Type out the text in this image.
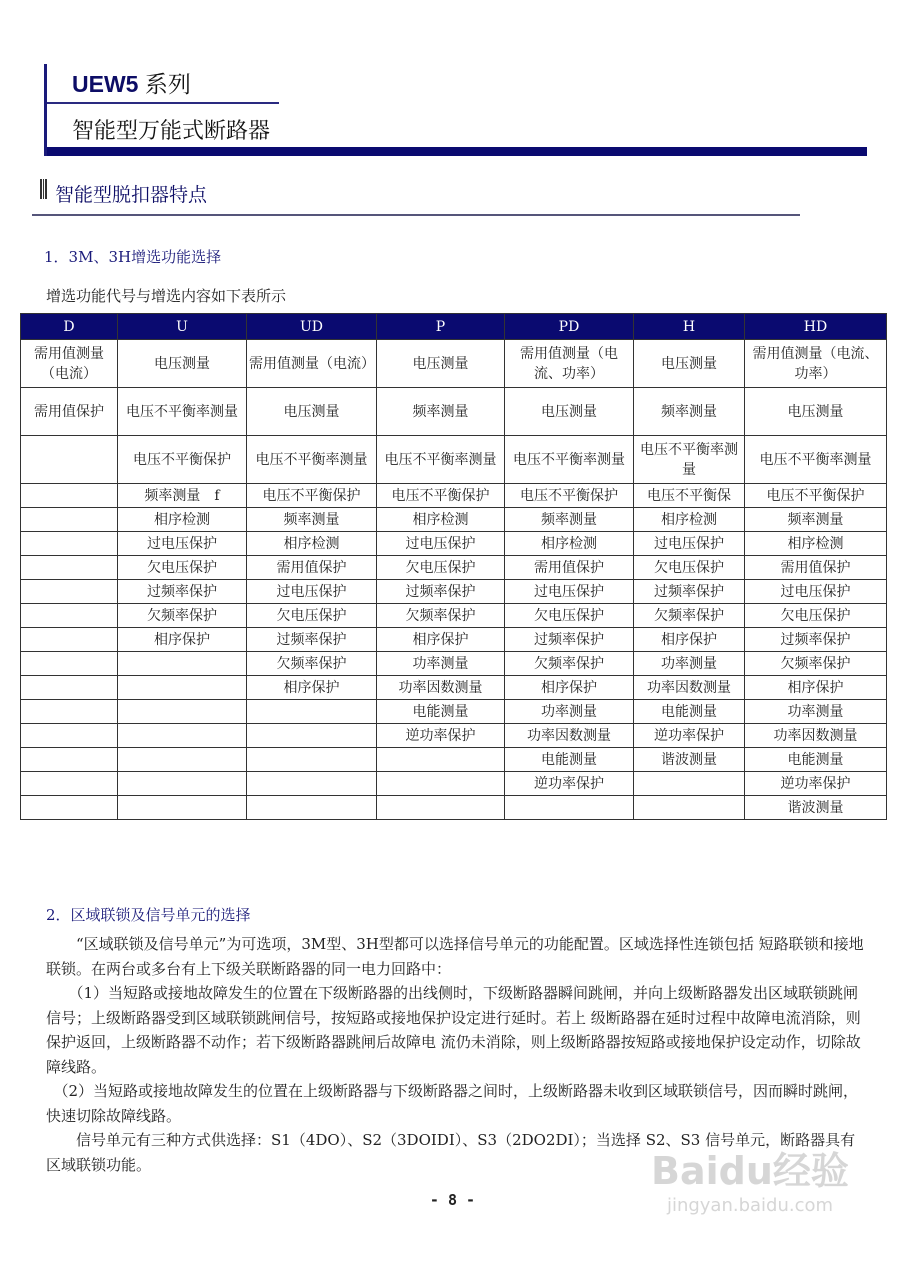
UEW5 系列
智能型万能式断路器
智能型脱扣器特点
1．3M、3H增选功能选择
增选功能代号与增选内容如下表所示
D	U	UD	P	PD	H	HD
需用值测量（电流）	电压测量	需用值测量（电流）	电压测量	需用值测量（电流、功率）	电压测量	需用值测量（电流、功率）
需用值保护	电压不平衡率测量	电压测量	频率测量	电压测量	频率测量	电压测量
	电压不平衡保护	电压不平衡率测量	电压不平衡率测量	电压不平衡率测量	电压不平衡率测量	电压不平衡率测量
	频率测量　f	电压不平衡保护	电压不平衡保护	电压不平衡保护	电压不平衡保	电压不平衡保护
	相序检测	频率测量	相序检测	频率测量	相序检测	频率测量
	过电压保护	相序检测	过电压保护	相序检测	过电压保护	相序检测
	欠电压保护	需用值保护	欠电压保护	需用值保护	欠电压保护	需用值保护
	过频率保护	过电压保护	过频率保护	过电压保护	过频率保护	过电压保护
	欠频率保护	欠电压保护	欠频率保护	欠电压保护	欠频率保护	欠电压保护
	相序保护	过频率保护	相序保护	过频率保护	相序保护	过频率保护
		欠频率保护	功率测量	欠频率保护	功率测量	欠频率保护
		相序保护	功率因数测量	相序保护	功率因数测量	相序保护
			电能测量	功率测量	电能测量	功率测量
			逆功率保护	功率因数测量	逆功率保护	功率因数测量
				电能测量	谐波测量	电能测量
				逆功率保护		逆功率保护
						谐波测量
2．区域联锁及信号单元的选择

　　“区域联锁及信号单元”为可选项，3M型、3H型都可以选择信号单元的功能配置。区域选择性连锁包括 短路联锁和接地联锁。在两台或多台有上下级关联断路器的同一电力回路中：

　　（1）当短路或接地故障发生的位置在下级断路器的出线侧时，下级断路器瞬间跳闸，并向上级断路器发出区域联锁跳闸信号；上级断路器受到区域联锁跳闸信号，按短路或接地保护设定进行延时。若上 级断路器在延时过程中故障电流消除，则保护返回，上级断路器不动作；若下级断路器跳闸后故障电 流仍未消除，则上级断路器按短路或接地保护设定动作，切除故障线路。

　（2）当短路或接地故障发生的位置在上级断路器与下级断路器之间时，上级断路器未收到区域联锁信号，因而瞬时跳闸，快速切除故障线路。

　　信号单元有三种方式供选择：S1（4DO）、S2（3DOIDI）、S3（2DO2DI）；当选择 S2、S3 信号单元，断路器具有区域联锁功能。

- 8 -
Baidu经验
jingyan.baidu.com
